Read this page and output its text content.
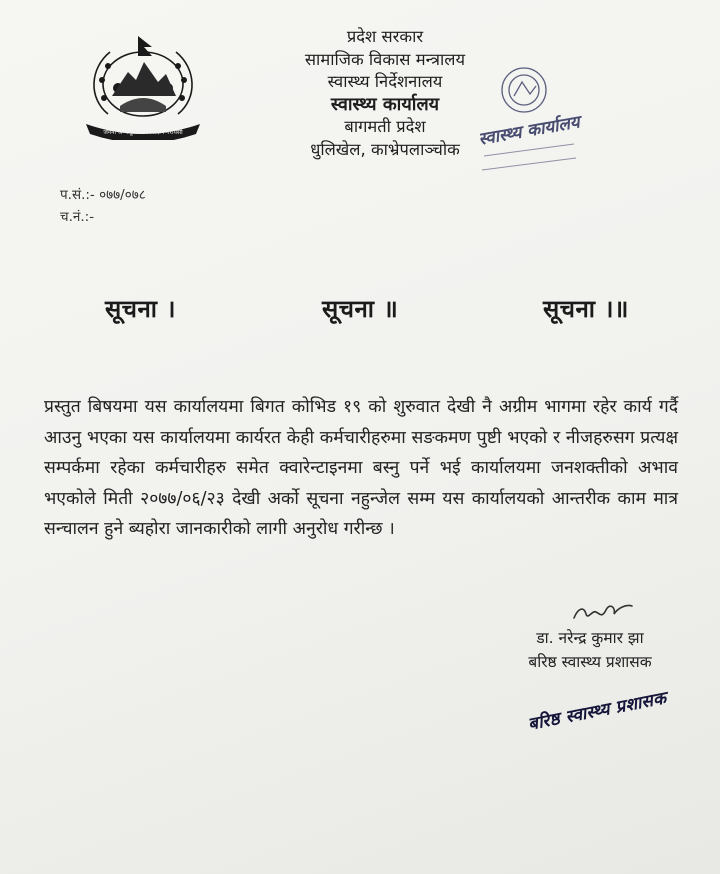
जननी जन्मभूमिश्च स्वर्गादपि गरीयसी
प्रदेश सरकार
सामाजिक विकास मन्त्रालय
स्वास्थ्य निर्देशनालय
स्वास्थ्य कार्यालय
बागमती प्रदेश
धुलिखेल, काभ्रेपलाञ्चोक	स्वास्थ्य कार्यालय
प.सं.:- ०७७/०७८
च.नं.:-
सूचना ।	सूचना ॥	सूचना ।॥
प्रस्तुत बिषयमा यस कार्यालयमा बिगत कोभिड १९ को शुरुवात देखी नै अग्रीम भागमा रहेर कार्य गर्दै आउनु भएका यस कार्यालयमा कार्यरत केही कर्मचारीहरुमा सङकमण पुष्टी भएको र नीजहरुसग प्रत्यक्ष सम्पर्कमा रहेका कर्मचारीहरु समेत क्वारेन्टाइनमा बस्नु पर्ने भई कार्यालयमा जनशक्तीको अभाव भएकोले मिती २०७७/०६/२३ देखी अर्को सूचना नहुन्जेल सम्म यस कार्यालयको आन्तरीक काम मात्र सन्चालन हुने ब्यहोरा जानकारीको लागी अनुरोध गरीन्छ ।
डा. नरेन्द्र कुमार झा
बरिष्ठ स्वास्थ्य प्रशासक
बरिष्ठ स्वास्थ्य प्रशासक
